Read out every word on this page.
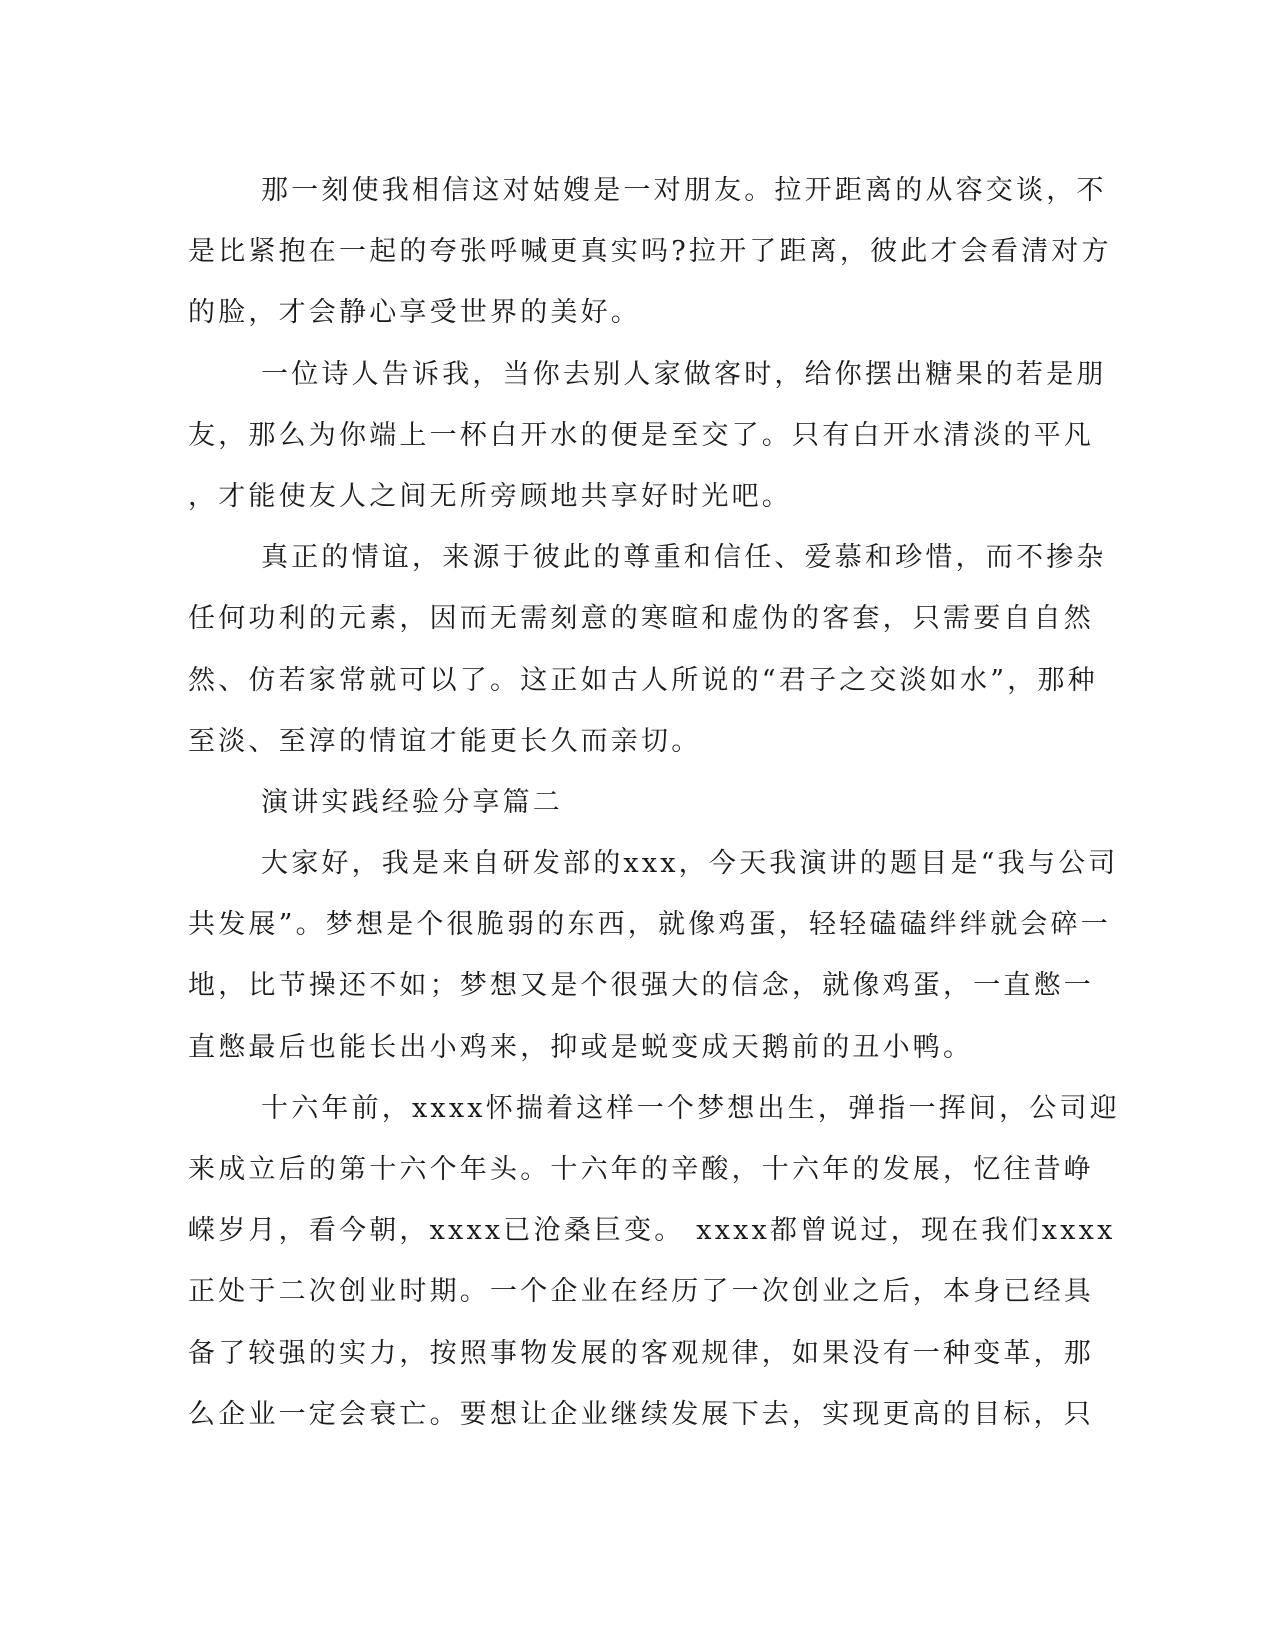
那一刻使我相信这对姑嫂是一对朋友。拉开距离的从容交谈，不
是比紧抱在一起的夸张呼喊更真实吗?拉开了距离，彼此才会看清对方
的脸，才会静心享受世界的美好。
一位诗人告诉我，当你去别人家做客时，给你摆出糖果的若是朋
友，那么为你端上一杯白开水的便是至交了。只有白开水清淡的平凡
，才能使友人之间无所旁顾地共享好时光吧。
真正的情谊，来源于彼此的尊重和信任、爱慕和珍惜，而不掺杂
任何功利的元素，因而无需刻意的寒暄和虚伪的客套，只需要自自然
然、仿若家常就可以了。这正如古人所说的“君子之交淡如水”，那种
至淡、至淳的情谊才能更长久而亲切。
演讲实践经验分享篇二
大家好，我是来自研发部的xxx，今天我演讲的题目是“我与公司
共发展”。梦想是个很脆弱的东西，就像鸡蛋，轻轻磕磕绊绊就会碎一
地，比节操还不如；梦想又是个很强大的信念，就像鸡蛋，一直憋一
直憋最后也能长出小鸡来，抑或是蜕变成天鹅前的丑小鸭。
十六年前，xxxx怀揣着这样一个梦想出生，弹指一挥间，公司迎
来成立后的第十六个年头。十六年的辛酸，十六年的发展，忆往昔峥
嵘岁月，看今朝，xxxx已沧桑巨变。 xxxx都曾说过，现在我们xxxx
正处于二次创业时期。一个企业在经历了一次创业之后，本身已经具
备了较强的实力，按照事物发展的客观规律，如果没有一种变革，那
么企业一定会衰亡。要想让企业继续发展下去，实现更高的目标，只
